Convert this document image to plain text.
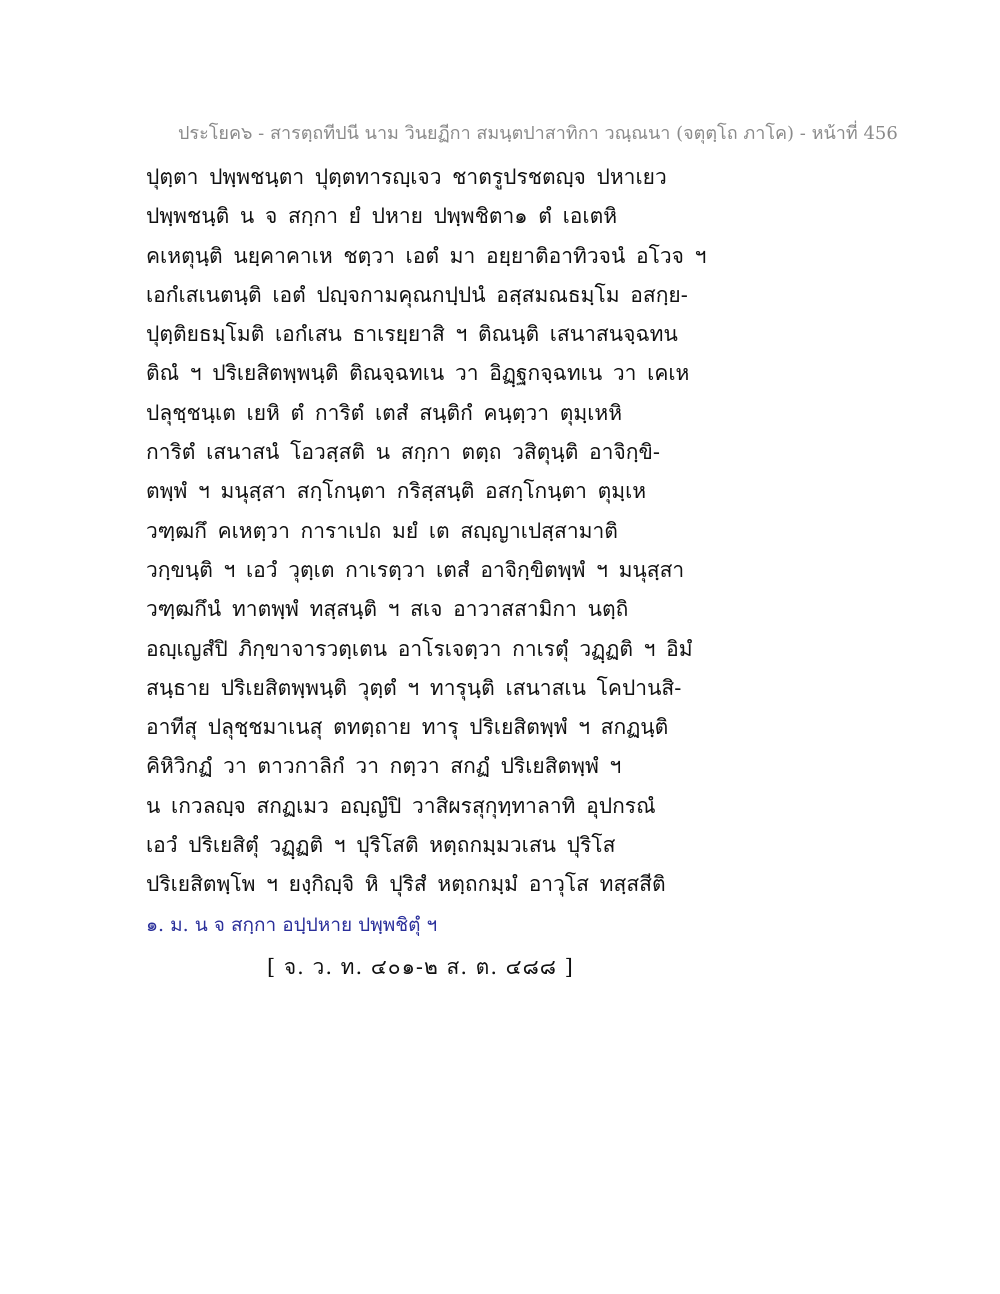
ประโยค๖ - สารตฺถทีปนี นาม วินยฏีกา สมนฺตปาสาทิกา วณฺณนา (จตุตฺโถ ภาโค) - หน้าที่ 456
ปุตฺตา ปพฺพชนฺตา ปุตฺตทารญฺเจว ชาตรูปรชตญฺจ ปหาเยว
ปพฺพชนฺติ น จ สกฺกา ยํ ปหาย ปพฺพชิตา๑ ตํ เอเตหิ
คเหตุนฺติ นยฺคาคาเห ชตฺวา เอตํ มา อยฺยาติอาทิวจนํ อโวจ ฯ
เอกํเสเนตนฺติ เอตํ ปญฺจกามคุณกปฺปนํ อสฺสมณธมฺโม อสกฺย-
ปุตฺติยธมฺโมติ เอกํเสน ธาเรยฺยาสิ ฯ ติณนฺติ เสนาสนจฺฉทน
ติณํ ฯ ปริเยสิตพฺพนฺติ ติณจฺฉทเน วา อิฏฺฐกจฺฉทเน วา เคเห
ปลุชฺชนฺเต เยหิ ตํ การิตํ เตสํ สนฺติกํ คนฺตฺวา ตุมฺเหหิ
การิตํ เสนาสนํ โอวสฺสติ น สกฺกา ตตฺถ วสิตุนฺติ อาจิกฺขิ-
ตพฺพํ ฯ มนุสฺสา สกฺโกนฺตา กริสฺสนฺติ อสกฺโกนฺตา ตุมฺเห
วฑฺฒกึ คเหตฺวา การาเปถ มยํ เต สญฺญาเปสฺสามาติ
วกฺขนฺติ ฯ เอวํ วุตฺเต กาเรตฺวา เตสํ อาจิกฺขิตพฺพํ ฯ มนุสฺสา
วฑฺฒกึนํ ทาตพฺพํ ทสฺสนฺติ ฯ สเจ อาวาสสามิกา นตฺถิ
อญฺเญสํปิ ภิกฺขาจารวตฺเตน อาโรเจตฺวา กาเรตุํ วฏฺฏติ ฯ อิมํ
สนฺธาย ปริเยสิตพฺพนฺติ วุตฺตํ ฯ ทารุนฺติ เสนาสเน โคปานสิ-
อาทีสุ ปลุชฺชมาเนสุ ตทตฺถาย ทารุ ปริเยสิตพฺพํ ฯ สกฏนฺติ
คิหิวิกฏํ วา ตาวกาลิกํ วา กตฺวา สกฏํ ปริเยสิตพฺพํ ฯ
น เกวลญฺจ สกฏเมว อญฺญํปิ วาสิผรสุกุทฺทาลาทิ อุปกรณํ
เอวํ ปริเยสิตุํ วฏฺฏติ ฯ ปุริโสติ หตฺถกมฺมวเสน ปุริโส
ปริเยสิตพฺโพ ฯ ยงฺกิญฺจิ หิ ปุริสํ หตฺถกมฺมํ อาวุโส ทสฺสสีติ
๑. ม. น จ สกฺกา อปฺปหาย ปพฺพชิตุํ ฯ
[ จ. ว. ท. ๔๐๑-๒ ส. ต. ๔๘๘ ]
